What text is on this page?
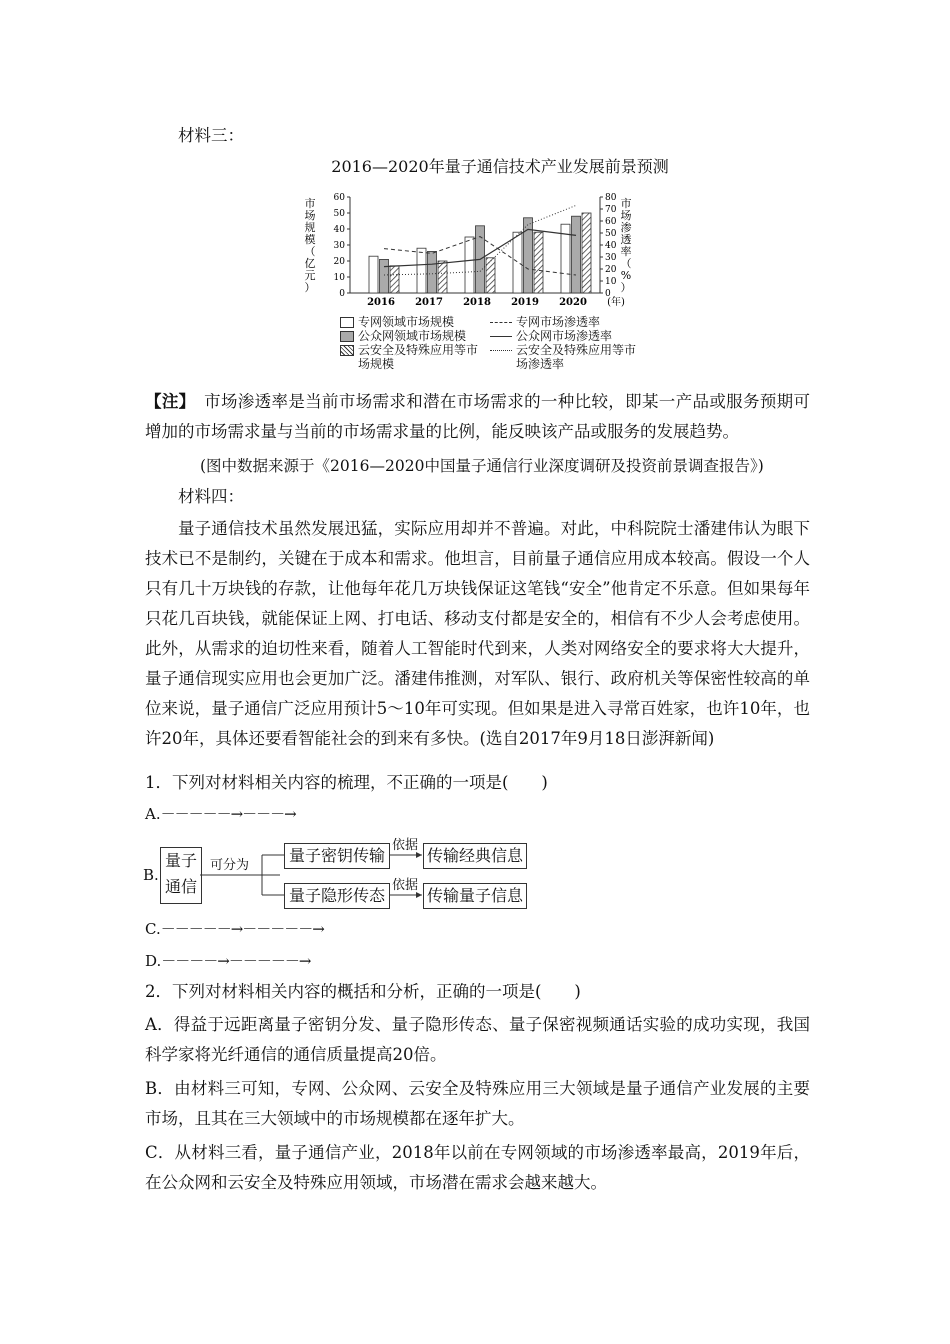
材料三：

2016—2020年量子通信技术产业发展前景预测
0
10
20
30
40
50
60
0
10
20
30
40
50
60
70
80
市
场
规
模
（
亿
元
）
市
场
渗
透
率
（
%
）
2016 2017 2018 2019 2020 (年)
专网领域市场规模	专网市场渗透率
公众网领域市场规模	公众网市场渗透率
云安全及特殊应用等市场规模
云安全及特殊应用等市场渗透率

【注】　 市场渗透率是当前市场需求和潜在市场需求的一种比较，即某一产品或服务预期可增加的市场需求量与当前的市场需求量的比例，能反映该产品或服务的发展趋势。

(图中数据来源于《2016—2020中国量子通信行业深度调研及投资前景调查报告》)

材料四：

量子通信技术虽然发展迅猛，实际应用却并不普遍。对此，中科院院士潘建伟认为眼下技术已不是制约，关键在于成本和需求。他坦言，目前量子通信应用成本较高。假设一个人只有几十万块钱的存款，让他每年花几万块钱保证这笔钱“安全”他肯定不乐意。但如果每年只花几百块钱，就能保证上网、打电话、移动支付都是安全的，相信有不少人会考虑使用。此外，从需求的迫切性来看，随着人工智能时代到来，人类对网络安全的要求将大大提升，量子通信现实应用也会更加广泛。潘建伟推测，对军队、银行、政府机关等保密性较高的单位来说，量子通信广泛应用预计5～10年可实现。但如果是进入寻常百姓家，也许10年，也许20年，具体还要看智能社会的到来有多快。(选自2017年9月18日澎湃新闻)

1．下列对材料相关内容的梳理，不正确的一项是(　　)

A.－－－－－→－－－→
B.
量子
通信
可分为
量子密钥传输
量子隐形传态
依据
依据
传输经典信息
传输量子信息
C.－－－－－→－－－－－→
D.－－－－→－－－－－→

2．下列对材料相关内容的概括和分析，正确的一项是(　　)

A．得益于远距离量子密钥分发、量子隐形传态、量子保密视频通话实验的成功实现，我国科学家将光纤通信的通信质量提高20倍。

B．由材料三可知，专网、公众网、云安全及特殊应用三大领域是量子通信产业发展的主要市场，且其在三大领域中的市场规模都在逐年扩大。

C．从材料三看，量子通信产业，2018年以前在专网领域的市场渗透率最高，2019年后，在公众网和云安全及特殊应用领域，市场潜在需求会越来越大。
